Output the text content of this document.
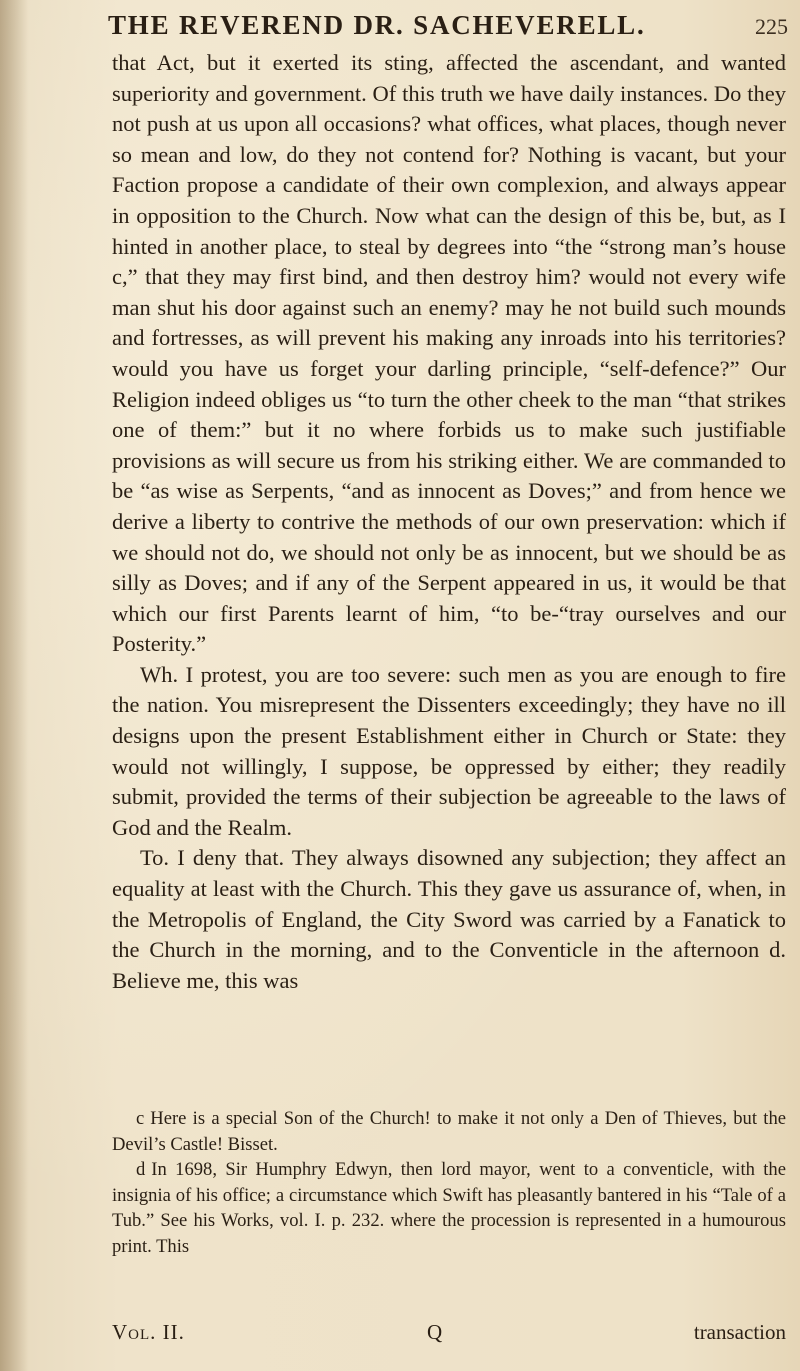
THE REVEREND DR. SACHEVERELL.	225

that Act, but it exerted its sting, affected the ascendant, and wanted superiority and government. Of this truth we have daily instances. Do they not push at us upon all occasions? what offices, what places, though never so mean and low, do they not contend for? Nothing is vacant, but your Faction propose a candidate of their own complexion, and always appear in opposition to the Church. Now what can the design of this be, but, as I hinted in another place, to steal by degrees into “the “strong man’s house c,” that they may first bind, and then destroy him? would not every wife man shut his door against such an enemy? may he not build such mounds and fortresses, as will prevent his making any inroads into his territories? would you have us forget your darling principle, “self-defence?” Our Religion indeed obliges us “to turn the other cheek to the man “that strikes one of them:” but it no where forbids us to make such justifiable provisions as will secure us from his striking either. We are commanded to be “as wise as Serpents, “and as innocent as Doves;” and from hence we derive a liberty to contrive the methods of our own preservation: which if we should not do, we should not only be as innocent, but we should be as silly as Doves; and if any of the Serpent appeared in us, it would be that which our first Parents learnt of him, “to be-“tray ourselves and our Posterity.”

Wh. I protest, you are too severe: such men as you are enough to fire the nation. You misrepresent the Dissenters exceedingly; they have no ill designs upon the present Establishment either in Church or State: they would not willingly, I suppose, be oppressed by either; they readily submit, provided the terms of their subjection be agreeable to the laws of God and the Realm.

To. I deny that. They always disowned any subjection; they affect an equality at least with the Church. This they gave us assurance of, when, in the Metropolis of England, the City Sword was carried by a Fanatick to the Church in the morning, and to the Conventicle in the afternoon d. Believe me, this was

c Here is a special Son of the Church! to make it not only a Den of Thieves, but the Devil’s Castle! Bisset.

d In 1698, Sir Humphry Edwyn, then lord mayor, went to a conventicle, with the insignia of his office; a circumstance which Swift has pleasantly bantered in his “Tale of a Tub.” See his Works, vol. I. p. 232. where the procession is represented in a humourous print. This

Vol. II.	Q	transaction
